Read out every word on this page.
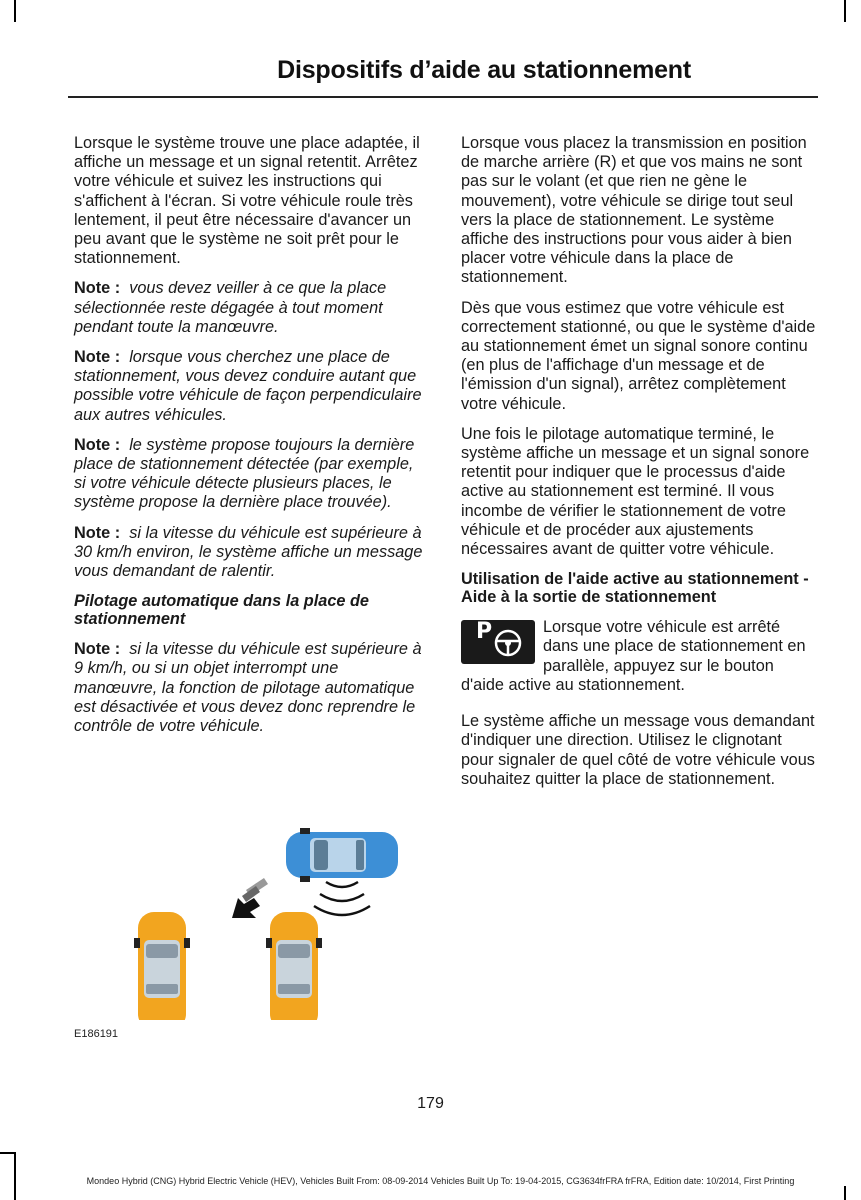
Dispositifs d’aide au stationnement

Lorsque le système trouve une place adaptée, il affiche un message et un signal retentit. Arrêtez votre véhicule et suivez les instructions qui s'affichent à l'écran. Si votre véhicule roule très lentement, il peut être nécessaire d'avancer un peu avant que le système ne soit prêt pour le stationnement.

Note : vous devez veiller à ce que la place sélectionnée reste dégagée à tout moment pendant toute la manœuvre.

Note : lorsque vous cherchez une place de stationnement, vous devez conduire autant que possible votre véhicule de façon perpendiculaire aux autres véhicules.

Note : le système propose toujours la dernière place de stationnement détectée (par exemple, si votre véhicule détecte plusieurs places, le système propose la dernière place trouvée).

Note : si la vitesse du véhicule est supérieure à 30 km/h environ, le système affiche un message vous demandant de ralentir.

Pilotage automatique dans la place de stationnement

Note : si la vitesse du véhicule est supérieure à 9 km/h, ou si un objet interrompt une manœuvre, la fonction de pilotage automatique est désactivée et vous devez donc reprendre le contrôle de votre véhicule.

Lorsque vous placez la transmission en position de marche arrière (R) et que vos mains ne sont pas sur le volant (et que rien ne gène le mouvement), votre véhicule se dirige tout seul vers la place de stationnement. Le système affiche des instructions pour vous aider à bien placer votre véhicule dans la place de stationnement.

Dès que vous estimez que votre véhicule est correctement stationné, ou que le système d'aide au stationnement émet un signal sonore continu (en plus de l'affichage d'un message et de l'émission d'un signal), arrêtez complètement votre véhicule.

Une fois le pilotage automatique terminé, le système affiche un message et un signal sonore retentit pour indiquer que le processus d'aide active au stationnement est terminé. Il vous incombe de vérifier le stationnement de votre véhicule et de procéder aux ajustements nécessaires avant de quitter votre véhicule.

Utilisation de l'aide active au stationnement - Aide à la sortie de stationnement
P	Lorsque votre véhicule est arrêté dans une place de stationnement en parallèle, appuyez sur le bouton d'aide active au stationnement.

Le système affiche un message vous demandant d'indiquer une direction. Utilisez le clignotant pour signaler de quel côté de votre véhicule vous souhaitez quitter la place de stationnement.

E186191
179
Mondeo Hybrid (CNG) Hybrid Electric Vehicle (HEV), Vehicles Built From: 08-09-2014 Vehicles Built Up To: 19-04-2015, CG3634frFRA frFRA, Edition date: 10/2014, First Printing
